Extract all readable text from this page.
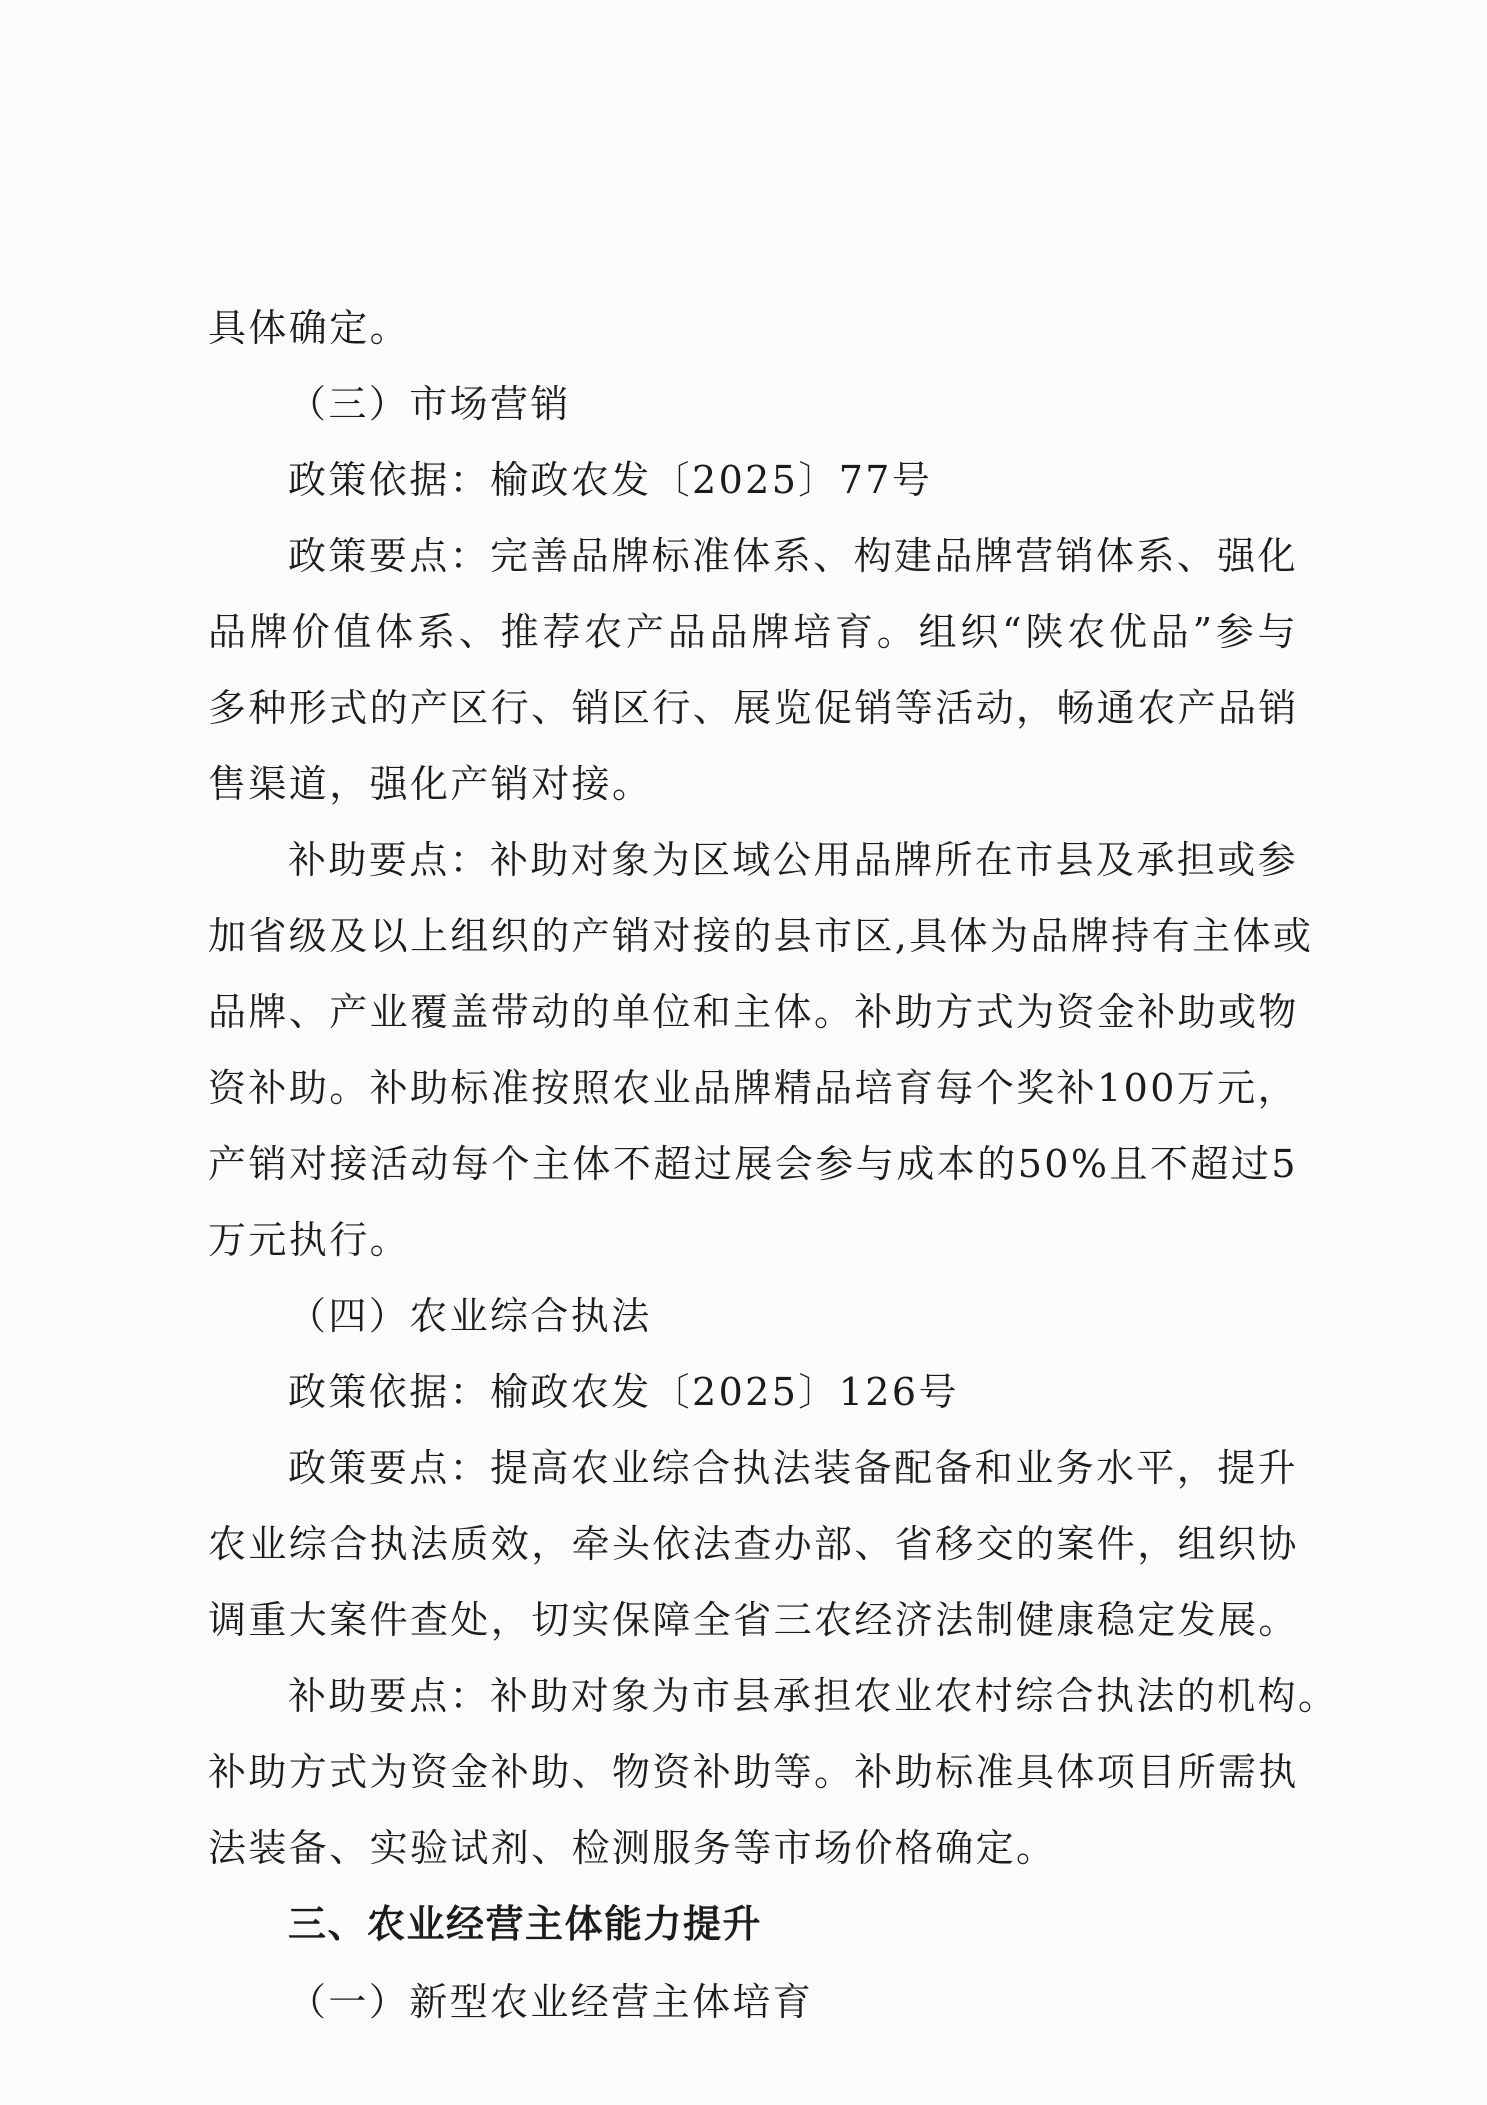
具体确定。
（三）市场营销
政策依据：榆政农发〔2025〕77号
政策要点：完善品牌标准体系、构建品牌营销体系、强化
品牌价值体系、推荐农产品品牌培育。组织“陕农优品”参与
多种形式的产区行、销区行、展览促销等活动，畅通农产品销
售渠道，强化产销对接。
补助要点：补助对象为区域公用品牌所在市县及承担或参
加省级及以上组织的产销对接的县市区,具体为品牌持有主体或
品牌、产业覆盖带动的单位和主体。补助方式为资金补助或物
资补助。补助标准按照农业品牌精品培育每个奖补100万元，
产销对接活动每个主体不超过展会参与成本的50%且不超过5
万元执行。
（四）农业综合执法
政策依据：榆政农发〔2025〕126号
政策要点：提高农业综合执法装备配备和业务水平，提升
农业综合执法质效，牵头依法查办部、省移交的案件，组织协
调重大案件查处，切实保障全省三农经济法制健康稳定发展。
补助要点：补助对象为市县承担农业农村综合执法的机构。
补助方式为资金补助、物资补助等。补助标准具体项目所需执
法装备、实验试剂、检测服务等市场价格确定。
三、农业经营主体能力提升
（一）新型农业经营主体培育
